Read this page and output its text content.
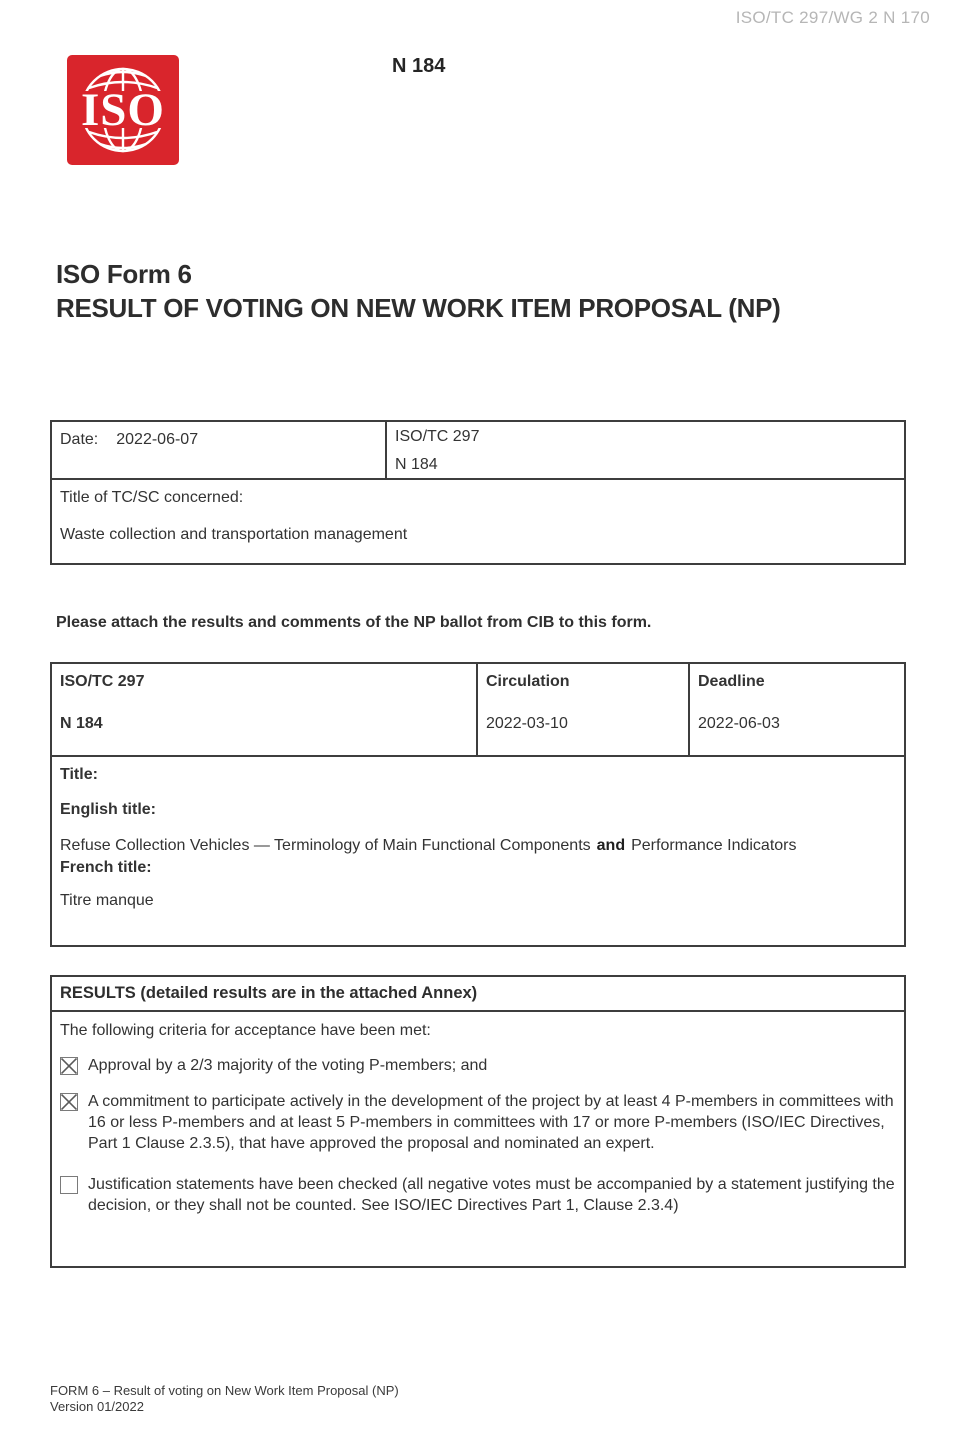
ISO/TC 297/WG 2 N 170
ISO
N 184
ISO Form 6
RESULT OF VOTING ON NEW WORK ITEM PROPOSAL (NP)
Date: 2022-06-07	ISO/TC 297
N 184
Title of TC/SC concerned:
Waste collection and transportation management
Please attach the results and comments of the NP ballot from CIB to this form.
ISO/TC 297
N 184
Circulation
2022-03-10
Deadline
2022-06-03
Title:
English title:
Refuse Collection Vehicles — Terminology of Main Functional Components and Performance Indicators
French title:
Titre manque
RESULTS (detailed results are in the attached Annex)
The following criteria for acceptance have been met:
Approval by a 2/3 majority of the voting P-members; and
A commitment to participate actively in the development of the project by at least 4 P-members in committees with 16 or less P-members and at least 5 P-members in committees with 17 or more P-members (ISO/IEC Directives, Part 1 Clause 2.3.5), that have approved the proposal and nominated an expert.
Justification statements have been checked (all negative votes must be accompanied by a statement justifying the decision, or they shall not be counted. See ISO/IEC Directives Part 1, Clause 2.3.4)
FORM 6 – Result of voting on New Work Item Proposal (NP)
Version 01/2022
